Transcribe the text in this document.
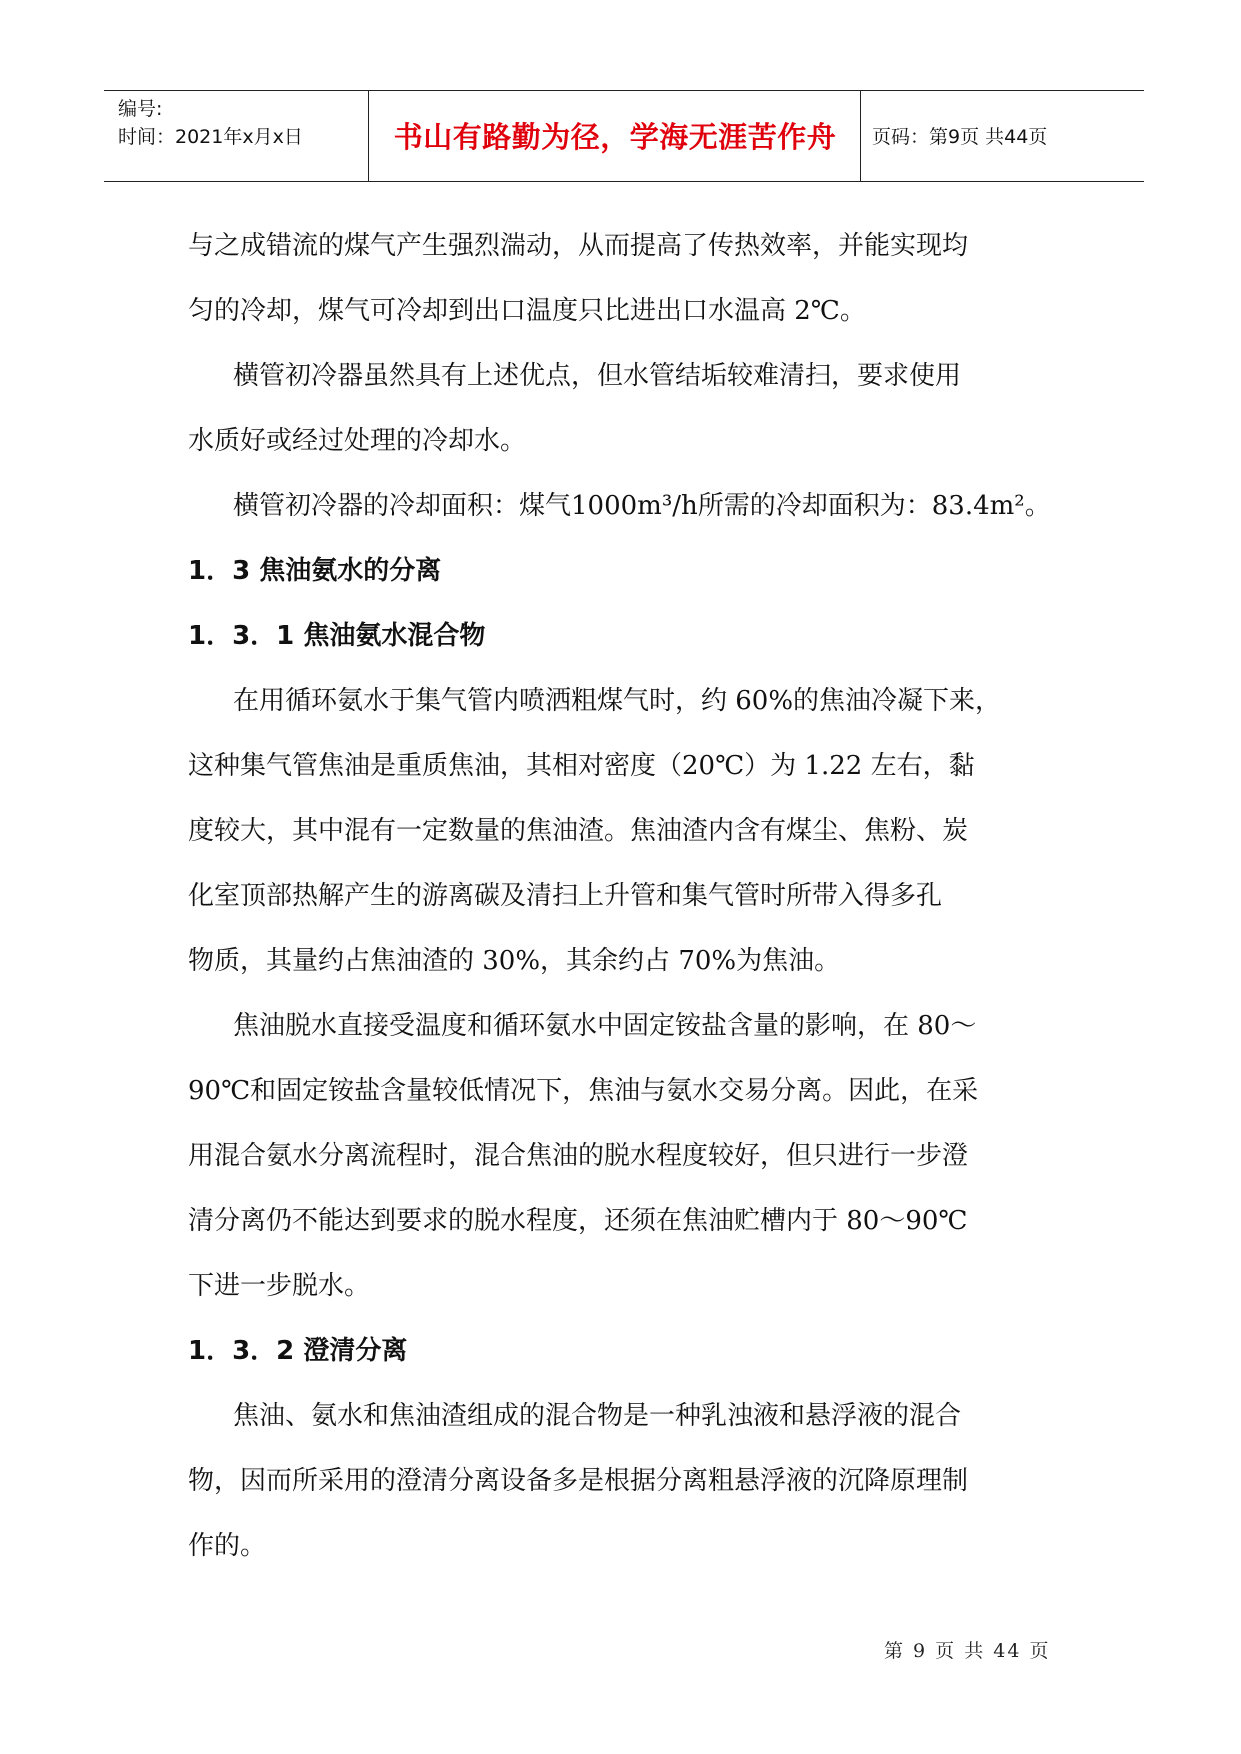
编号:
时间：2021年x月x日	书山有路勤为径，学海无涯苦作舟	页码：第9页 共44页
与之成错流的煤气产生强烈湍动，从而提高了传热效率，并能实现均
匀的冷却，煤气可冷却到出口温度只比进出口水温高 2℃。
横管初冷器虽然具有上述优点，但水管结垢较难清扫，要求使用
水质好或经过处理的冷却水。
横管初冷器的冷却面积：煤气1000m³/h所需的冷却面积为：83.4m²。
1．3 焦油氨水的分离
1．3．1 焦油氨水混合物
在用循环氨水于集气管内喷洒粗煤气时，约 60%的焦油冷凝下来，
这种集气管焦油是重质焦油，其相对密度（20℃）为 1.22 左右，黏
度较大，其中混有一定数量的焦油渣。焦油渣内含有煤尘、焦粉、炭
化室顶部热解产生的游离碳及清扫上升管和集气管时所带入得多孔
物质，其量约占焦油渣的 30%，其余约占 70%为焦油。
焦油脱水直接受温度和循环氨水中固定铵盐含量的影响，在 80～
90℃和固定铵盐含量较低情况下，焦油与氨水交易分离。因此，在采
用混合氨水分离流程时，混合焦油的脱水程度较好，但只进行一步澄
清分离仍不能达到要求的脱水程度，还须在焦油贮槽内于 80～90℃
下进一步脱水。
1．3．2 澄清分离
焦油、氨水和焦油渣组成的混合物是一种乳浊液和悬浮液的混合
物，因而所采用的澄清分离设备多是根据分离粗悬浮液的沉降原理制
作的。
第 9 页 共 44 页
